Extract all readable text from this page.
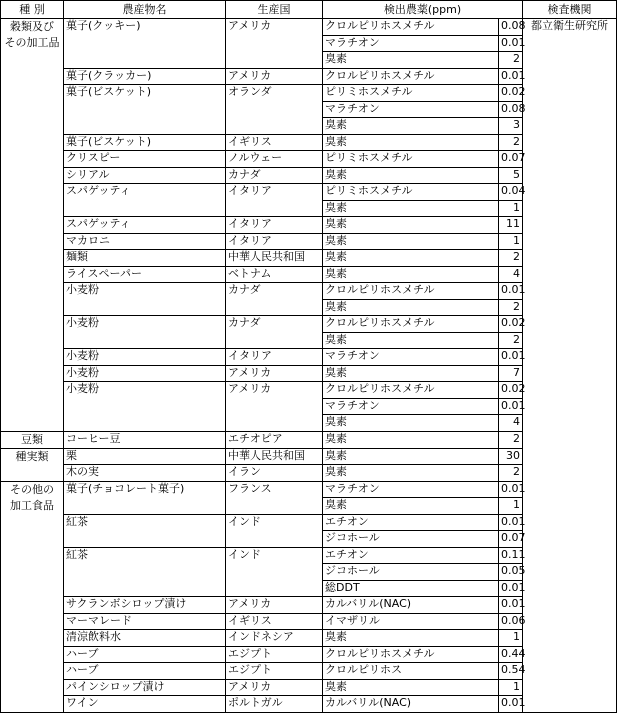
種 別	農産物名	生産国	検出農薬(ppm)		検査機関

穀類及び
その加工品	菓子(クッキー)	アメリカ	クロルピリホスメチル	0.08	都立衛生研究所
			マラチオン	0.01	
			臭素	2	
	菓子(クラッカー)	アメリカ	クロルピリホスメチル	0.01	
	菓子(ビスケット)	オランダ	ピリミホスメチル	0.02	
			マラチオン	0.08	
			臭素	3	
	菓子(ビスケット)	イギリス	臭素	2	
	クリスピー	ノルウェー	ピリミホスメチル	0.07	
	シリアル	カナダ	臭素	5	
	スパゲッティ	イタリア	ピリミホスメチル	0.04	
			臭素	1	
	スパゲッティ	イタリア	臭素	11	
	マカロニ	イタリア	臭素	1	
	麺類	中華人民共和国	臭素	2	
	ライスペーパー	ベトナム	臭素	4	
	小麦粉	カナダ	クロルピリホスメチル	0.01	
			臭素	2	
	小麦粉	カナダ	クロルピリホスメチル	0.02	
			臭素	2	
	小麦粉	イタリア	マラチオン	0.01	
	小麦粉	アメリカ	臭素	7	
	小麦粉	アメリカ	クロルピリホスメチル	0.02	
			マラチオン	0.01	
			臭素	4	

豆類	コーヒー豆	エチオピア	臭素	2	

種実類	栗	中華人民共和国	臭素	30	
	木の実	イラン	臭素	2	

その他の
加工食品	菓子(チョコレート菓子)	フランス	マラチオン	0.01	
			臭素	1	
	紅茶	インド	エチオン	0.01	
			ジコホール	0.07	
	紅茶	インド	エチオン	0.11	
			ジコホール	0.05	
			総DDT	0.01	
	サクランボシロップ漬け	アメリカ	カルバリル(NAC)	0.01	
	マーマレード	イギリス	イマザリル	0.06	
	清涼飲料水	インドネシア	臭素	1	
	ハーブ	エジプト	クロルピリホスメチル	0.44	
	ハーブ	エジプト	クロルピリホス	0.54	
	パインシロップ漬け	アメリカ	臭素	1	
	ワイン	ポルトガル	カルバリル(NAC)	0.01	
